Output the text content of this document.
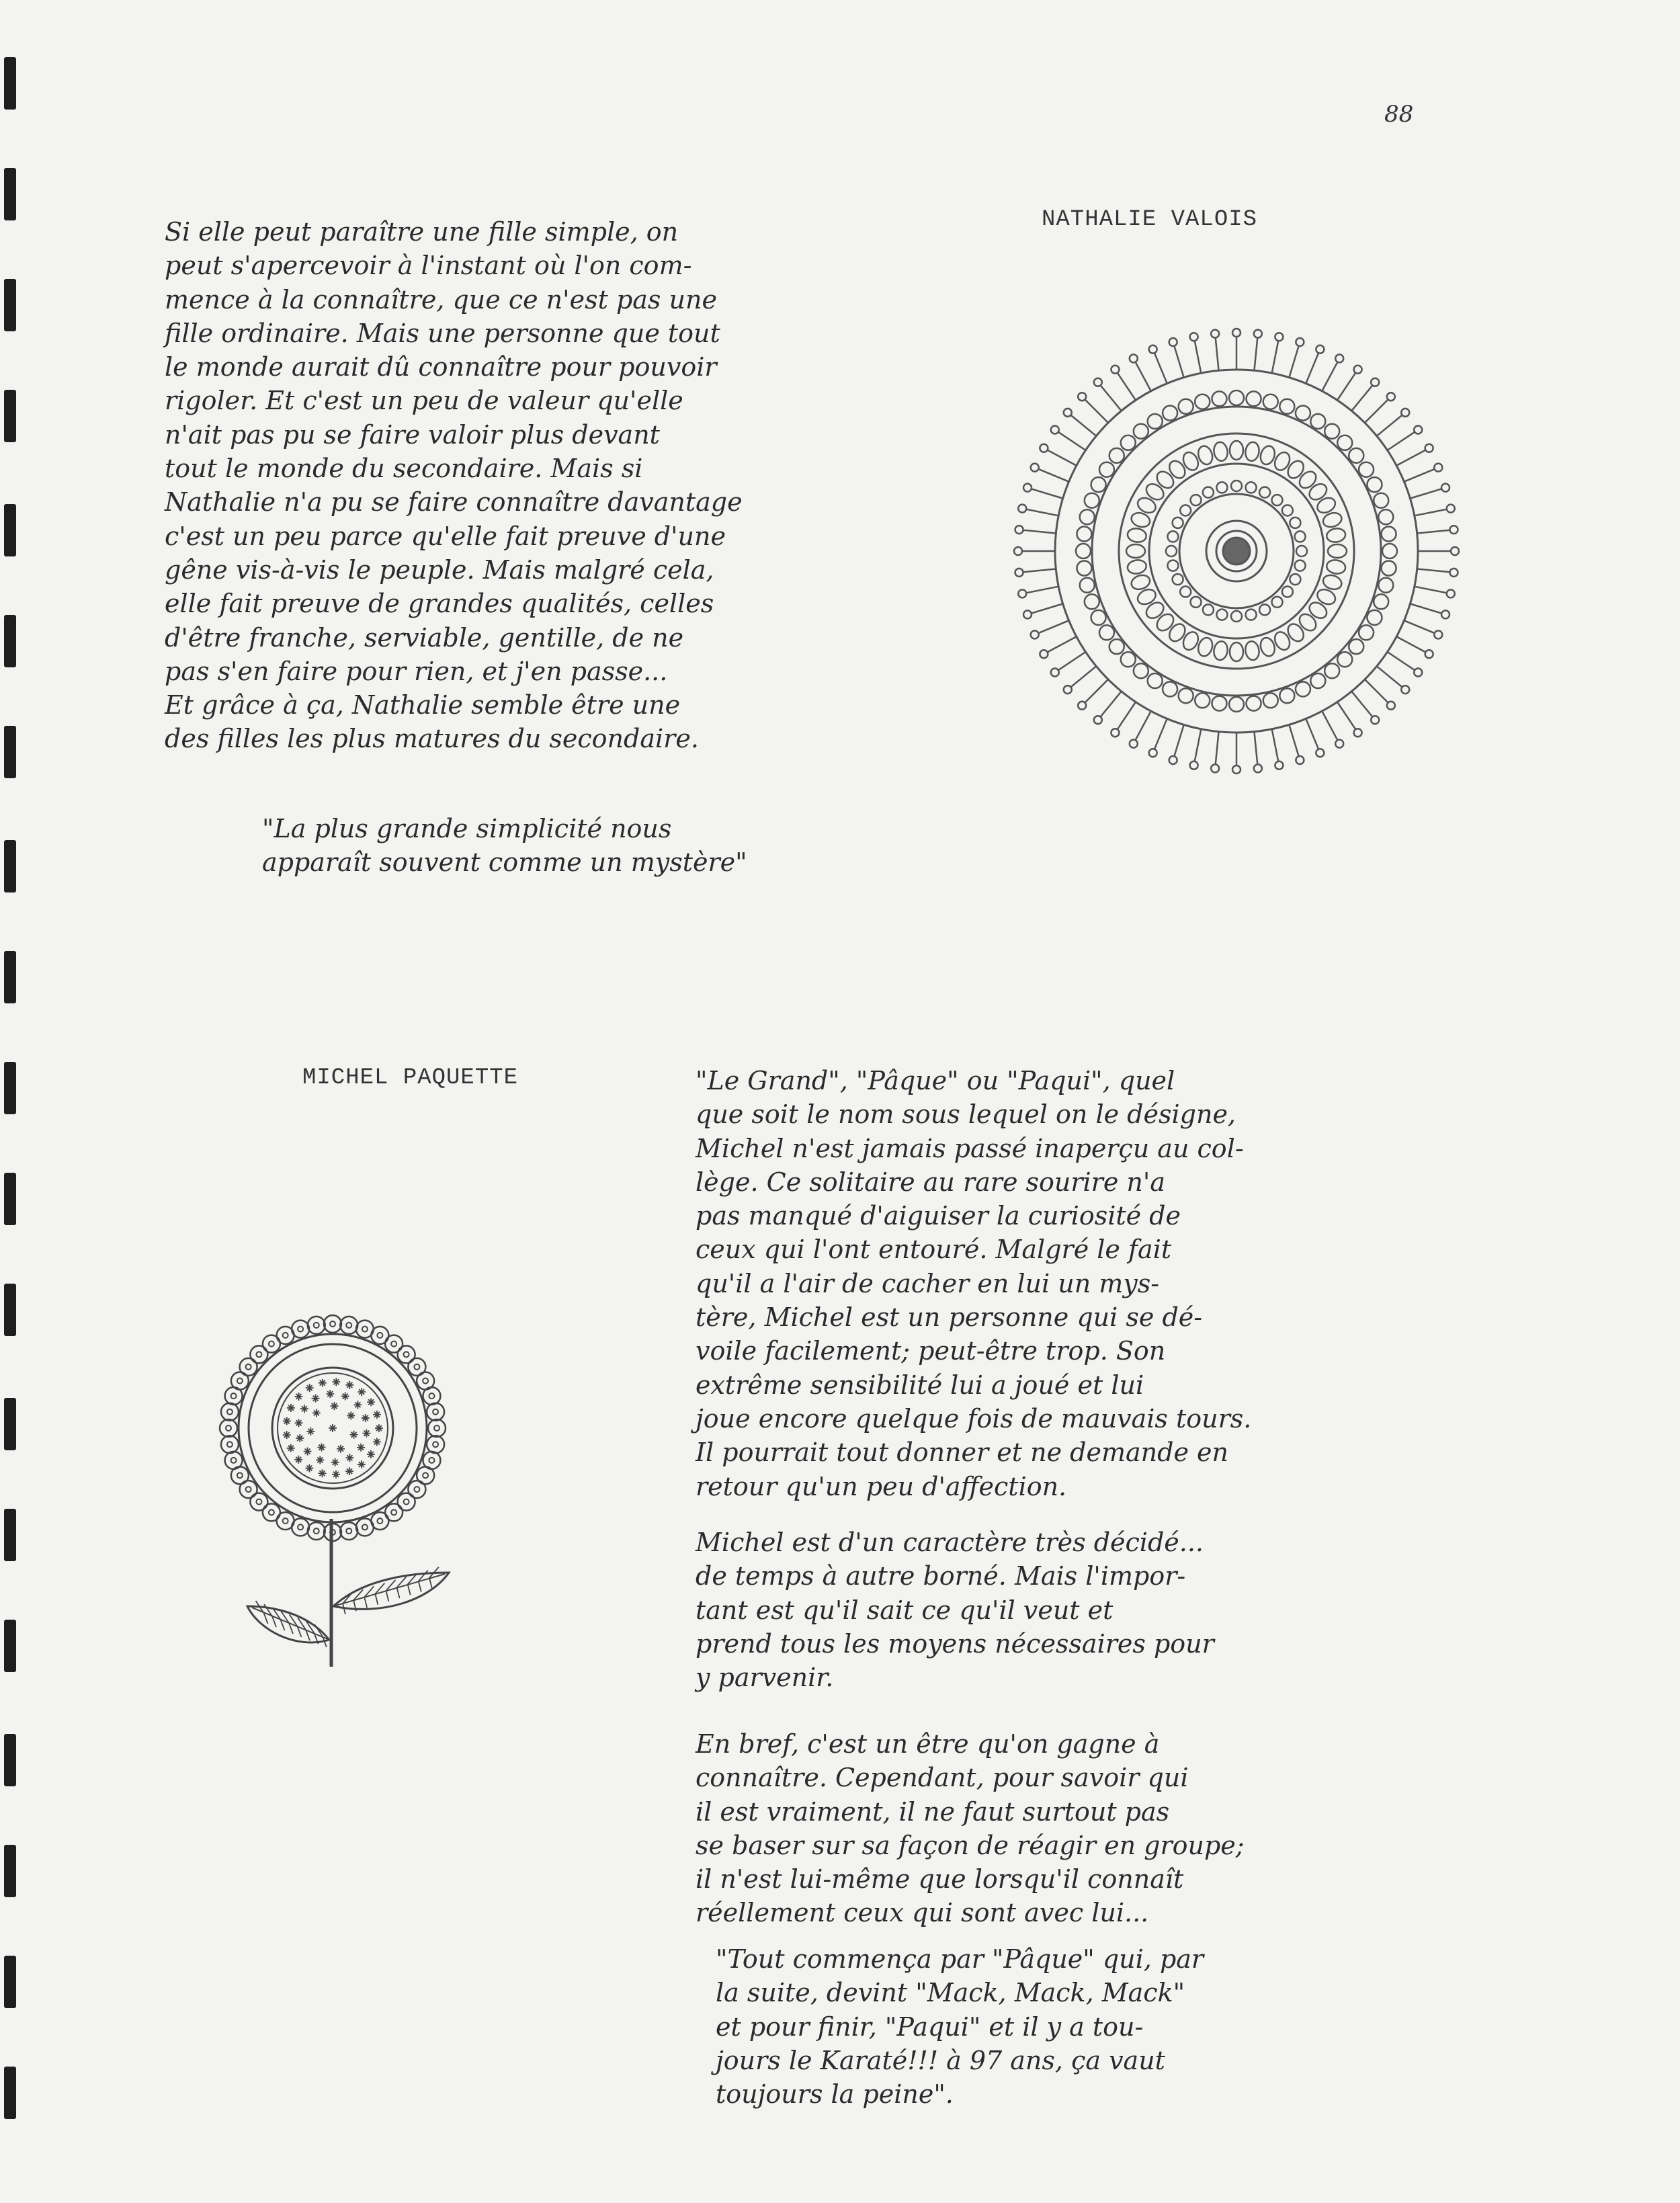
88
NATHALIE VALOIS
Si elle peut paraître une fille simple, on
peut s'apercevoir à l'instant où l'on com-
mence à la connaître, que ce n'est pas une
fille ordinaire. Mais une personne que tout
le monde aurait dû connaître pour pouvoir
rigoler. Et c'est un peu de valeur qu'elle
n'ait pas pu se faire valoir plus devant
tout le monde du secondaire. Mais si
Nathalie n'a pu se faire connaître davantage
c'est un peu parce qu'elle fait preuve d'une
gêne vis-à-vis le peuple. Mais malgré cela,
elle fait preuve de grandes qualités, celles
d'être franche, serviable, gentille, de ne
pas s'en faire pour rien, et j'en passe...
Et grâce à ça, Nathalie semble être une
des filles les plus matures du secondaire.
"La plus grande simplicité nous
apparaît souvent comme un mystère"
MICHEL PAQUETTE	"Le Grand", "Pâque" ou "Paqui", quel
que soit le nom sous lequel on le désigne,
Michel n'est jamais passé inaperçu au col-
lège. Ce solitaire au rare sourire n'a
pas manqué d'aiguiser la curiosité de
ceux qui l'ont entouré. Malgré le fait
qu'il a l'air de cacher en lui un mys-
tère, Michel est un personne qui se dé-
voile facilement; peut-être trop. Son
extrême sensibilité lui a joué et lui
joue encore quelque fois de mauvais tours.
Il pourrait tout donner et ne demande en
retour qu'un peu d'affection.
Michel est d'un caractère très décidé...
de temps à autre borné. Mais l'impor-
tant est qu'il sait ce qu'il veut et
prend tous les moyens nécessaires pour
y parvenir.
En bref, c'est un être qu'on gagne à
connaître. Cependant, pour savoir qui
il est vraiment, il ne faut surtout pas
se baser sur sa façon de réagir en groupe;
il n'est lui-même que lorsqu'il connaît
réellement ceux qui sont avec lui...
"Tout commença par "Pâque" qui, par
la suite, devint "Mack, Mack, Mack"
et pour finir, "Paqui" et il y a tou-
jours le Karaté!!! à 97 ans, ça vaut
toujours la peine".
